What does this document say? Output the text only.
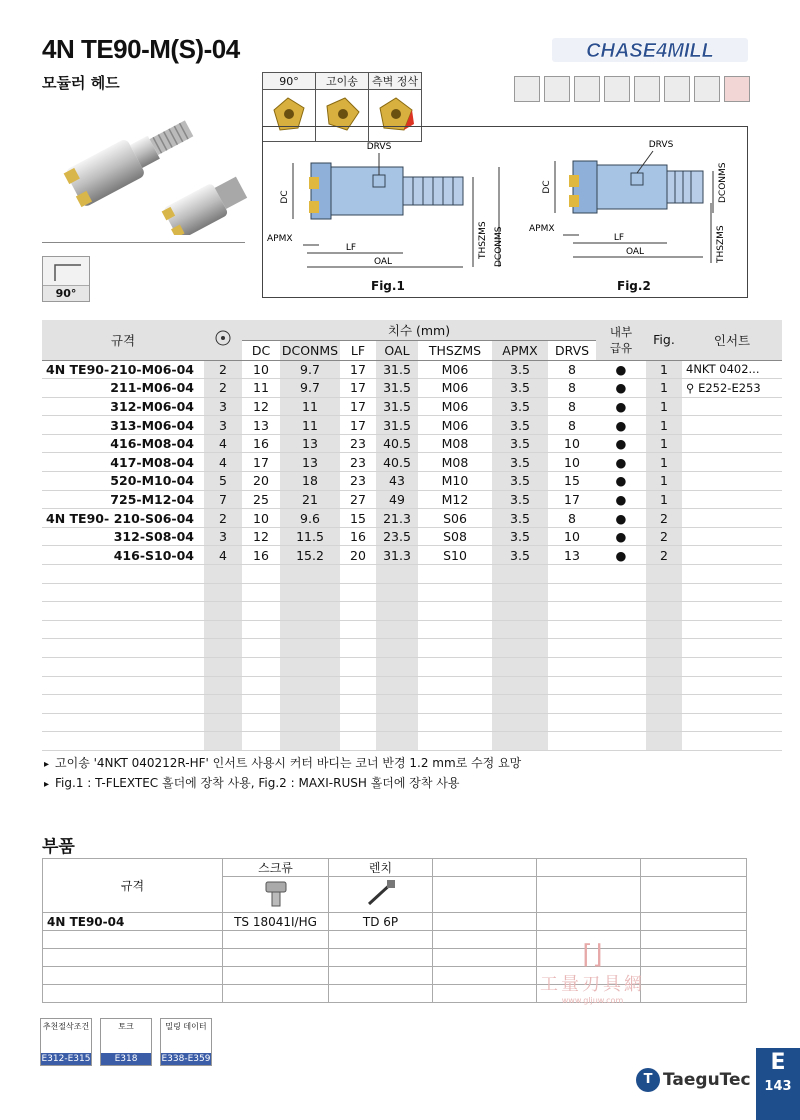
4N TE90-M(S)-04
모듈러 헤드
CHASE4MILL
90°
90°	고이송	측벽 정삭

DRVS
DC
APMX
LF
OAL
THSZMS DCONMS
DRVS
DC	DCONMS
APMX
LF
OAL	THSZMS
Fig.1	Fig.2
규격		치수 (mm)							내부
급유	Fig.	인서트
		DC	DCONMS	LF	OAL	THSZMS	APMX	DRVS			

4N TE90- 210-M06-04	2	10	9.7	17	31.5	M06	3.5	8	●	1	4NKT 0402...
211-M06-04	2	11	9.7	17	31.5	M06	3.5	8	●	1	⚲ E252-E253
312-M06-04	3	12	11	17	31.5	M06	3.5	8	●	1	
313-M06-04	3	13	11	17	31.5	M06	3.5	8	●	1	
416-M08-04	4	16	13	23	40.5	M08	3.5	10	●	1	
417-M08-04	4	17	13	23	40.5	M08	3.5	10	●	1	
520-M10-04	5	20	18	23	43	M10	3.5	15	●	1	
725-M12-04	7	25	21	27	49	M12	3.5	17	●	1	

4N TE90- 210-S06-04	2	10	9.6	15	21.3	S06	3.5	8	●	2	
312-S08-04	3	12	11.5	16	23.5	S08	3.5	10	●	2	
416-S10-04	4	16	15.2	20	31.3	S10	3.5	13	●	2	

▸ 고이송 '4NKT 040212R-HF' 인서트 사용시 커터 바디는 코너 반경 1.2 mm로 수정 요망
▸ Fig.1 : T-FLEXTEC 홀더에 장착 사용, Fig.2 : MAXI-RUSH 홀더에 장착 사용
부품
규격	스크류	렌치			

4N TE90-04	TS 18041I/HG	TD 6P			

⌈⌋
工量刃具網
www.gljuw.com
추천절삭조건
E312-E315
토크
E318
밀링 데이터
E338-E359
T TaeguTec
E
143
